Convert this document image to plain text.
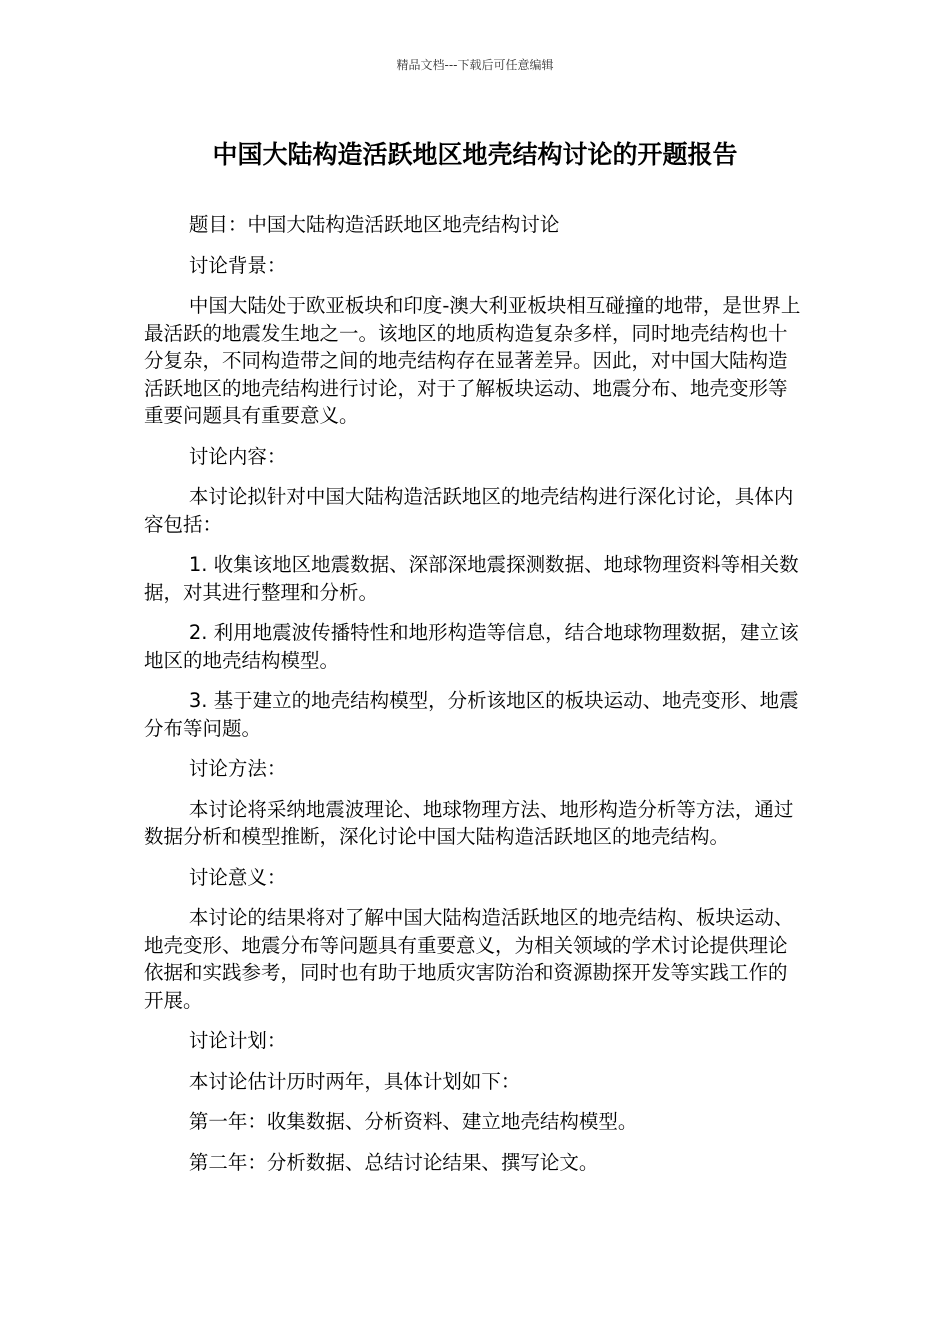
精品文档---下载后可任意编辑
中国大陆构造活跃地区地壳结构讨论的开题报告

题目：中国大陆构造活跃地区地壳结构讨论

讨论背景：

中国大陆处于欧亚板块和印度-澳大利亚板块相互碰撞的地带，是世界上最活跃的地震发生地之一。该地区的地质构造复杂多样，同时地壳结构也十分复杂，不同构造带之间的地壳结构存在显著差异。因此，对中国大陆构造活跃地区的地壳结构进行讨论，对于了解板块运动、地震分布、地壳变形等重要问题具有重要意义。

讨论内容：

本讨论拟针对中国大陆构造活跃地区的地壳结构进行深化讨论，具体内容包括：

1. 收集该地区地震数据、深部深地震探测数据、地球物理资料等相关数据，对其进行整理和分析。

2. 利用地震波传播特性和地形构造等信息，结合地球物理数据，建立该地区的地壳结构模型。

3. 基于建立的地壳结构模型，分析该地区的板块运动、地壳变形、地震分布等问题。

讨论方法：

本讨论将采纳地震波理论、地球物理方法、地形构造分析等方法，通过数据分析和模型推断，深化讨论中国大陆构造活跃地区的地壳结构。

讨论意义：

本讨论的结果将对了解中国大陆构造活跃地区的地壳结构、板块运动、地壳变形、地震分布等问题具有重要意义，为相关领域的学术讨论提供理论依据和实践参考，同时也有助于地质灾害防治和资源勘探开发等实践工作的开展。

讨论计划：

本讨论估计历时两年，具体计划如下：

第一年：收集数据、分析资料、建立地壳结构模型。

第二年：分析数据、总结讨论结果、撰写论文。
